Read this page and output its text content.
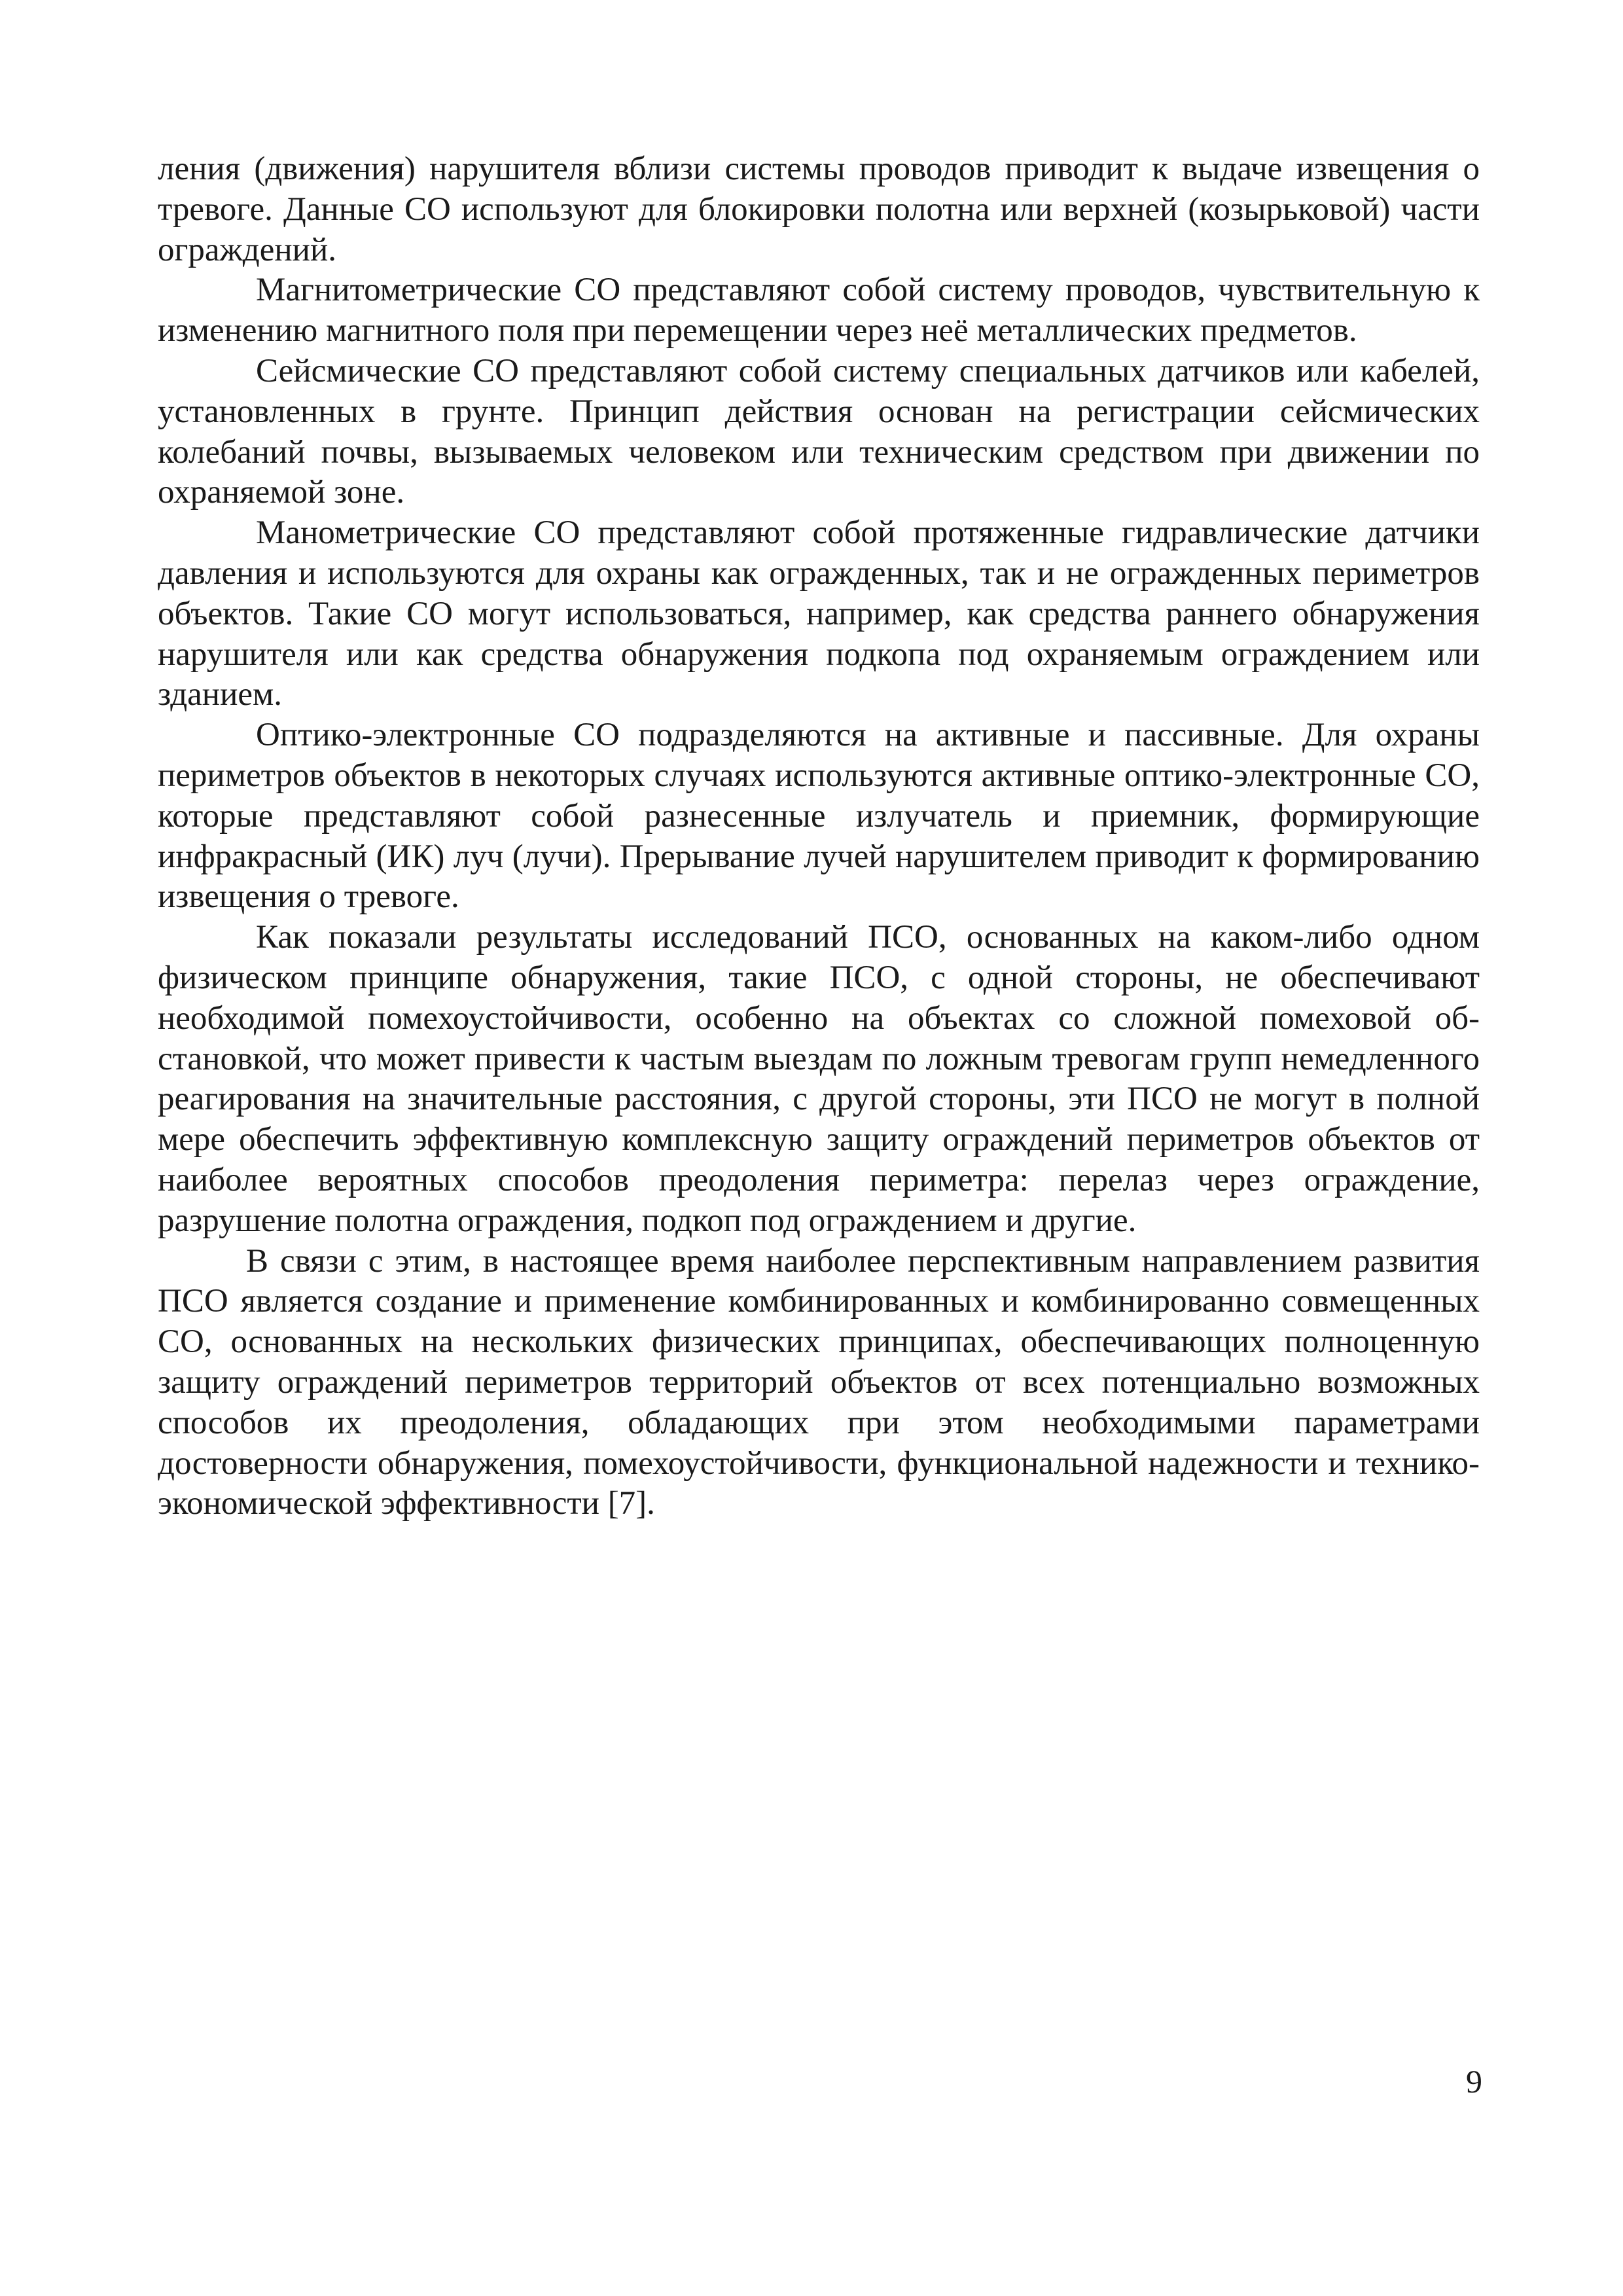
ления (движения) нарушителя вблизи системы проводов приводит к выдаче извещения о тревоге. Данные СО используют для блокировки полотна или верхней (козырьковой) части ограждений.

Магнитометрические СО представляют собой систему проводов, чувствительную к изменению магнитного поля при перемещении через неё металлических предметов.

Сейсмические СО представляют собой систему специальных датчиков или кабелей, установленных в грунте. Принцип действия основан на регистрации сейсмических колебаний почвы, вызываемых человеком или техническим средством при движении по охраняемой зоне.

Манометрические СО представляют собой протяженные гидравлические датчики давления и используются для охраны как огражденных, так и не огражденных периметров объектов. Такие СО могут использоваться, например, как средства раннего обнаружения нарушителя или как средства обнаружения подкопа под охраняемым ограждением или зданием.

Оптико-электронные СО подразделяются на активные и пассивные. Для охраны периметров объектов в некоторых случаях используются активные оптико-электронные СО, которые представляют собой разнесенные излучатель и приемник, формирующие инфракрасный (ИК) луч (лучи). Прерывание лучей нарушителем приводит к формированию извещения о тревоге.

Как показали результаты исследований ПСО, основанных на каком-либо одном физическом принципе обнаружения, такие ПСО, с одной стороны, не обеспечивают необходимой помехоустойчивости, особенно на объектах со сложной помеховой обстановкой, что может привести к частым выездам по ложным тревогам групп немедленного реагирования на значительные расстояния, с другой стороны, эти ПСО не могут в полной мере обеспечить эффективную комплексную защиту ограждений периметров объектов от наиболее вероятных способов преодоления периметра: перелаз через ограждение, разрушение полотна ограждения, подкоп под ограждением и другие.

В связи с этим, в настоящее время наиболее перспективным направлением развития ПСО является создание и применение комбинированных и комбинированно совмещенных СО, основанных на нескольких физических принципах, обеспечивающих полноценную защиту ограждений периметров территорий объектов от всех потенциально возможных способов их преодоления, обладающих при этом необходимыми параметрами достоверности обнаружения, помехоустойчивости, функциональной надежности и технико-экономической эффективности [7].

9
